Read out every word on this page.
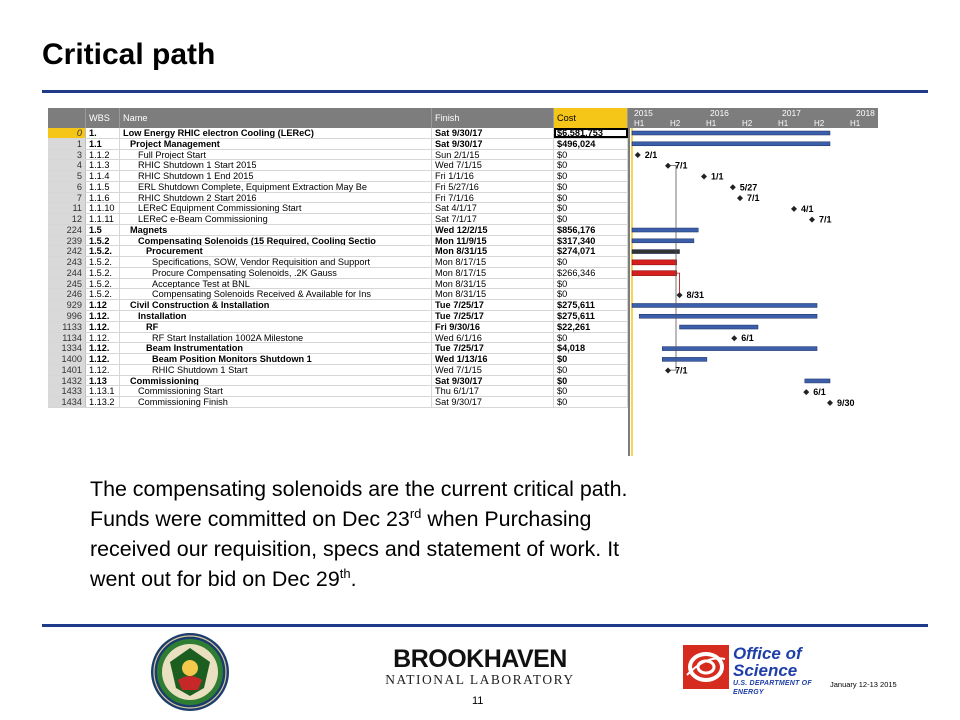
Critical path
WBS	Name	Finish	Cost
0 1.	Low Energy RHIC electron Cooling (LEReC)	Sat 9/30/17	$6,581,753
1 1.1	Project Management	Sat 9/30/17	$496,024
3 1.1.2	Full Project Start	Sun 2/1/15	$0
4 1.1.3	RHIC Shutdown 1 Start 2015	Wed 7/1/15	$0
5 1.1.4	RHIC Shutdown 1 End 2015	Fri 1/1/16	$0
6 1.1.5	ERL Shutdown Complete, Equipment Extraction May Be	Fri 5/27/16	$0
7 1.1.6	RHIC Shutdown 2 Start 2016	Fri 7/1/16	$0
11 1.1.10	LEReC Equipment Commissioning Start	Sat 4/1/17	$0
12 1.1.11	LEReC e-Beam Commissioning	Sat 7/1/17	$0
224 1.5	Magnets	Wed 12/2/15	$856,176
239 1.5.2	Compensating Solenoids (15 Required, Cooling Sectio	Mon 11/9/15	$317,340
242 1.5.2.	Procurement	Mon 8/31/15	$274,071
243 1.5.2.	Specifications, SOW, Vendor Requisition and Support	Mon 8/17/15	$0
244 1.5.2.	Procure Compensating Solenoids, .2K Gauss	Mon 8/17/15	$266,346
245 1.5.2.	Acceptance Test at BNL	Mon 8/31/15	$0
246 1.5.2.	Compensating Solenoids Received & Available for Ins	Mon 8/31/15	$0
929 1.12	Civil Construction & Installation	Tue 7/25/17	$275,611
996 1.12.	Installation	Tue 7/25/17	$275,611
1133 1.12.	RF	Fri 9/30/16	$22,261
1134 1.12.	RF Start Installation 1002A Milestone	Wed 6/1/16	$0
1334 1.12.	Beam Instrumentation	Tue 7/25/17	$4,018
1400 1.12.	Beam Position Monitors Shutdown 1	Wed 1/13/16	$0
1401 1.12.	RHIC Shutdown 1 Start	Wed 7/1/15	$0
1432 1.13	Commissioning	Sat 9/30/17	$0
1433 1.13.1	Commissioning Start	Thu 6/1/17	$0
1434 1.13.2	Commissioning Finish	Sat 9/30/17	$0
2015	2016	2017	2018
H1	H2	H1	H2	H1	H2	H1
2/1
7/1
1/1
5/27
7/1
4/1
7/1
8/31
6/1
7/1
6/1
9/30
The compensating solenoids are the current critical path.
Funds were committed on Dec 23rd when Purchasing
received our requisition, specs and statement of work. It
went out for bid on Dec 29th.
BROOKHAVEN
NATIONAL LABORATORY
Office of
Science
U.S. DEPARTMENT OF ENERGY
January 12-13 2015
11
